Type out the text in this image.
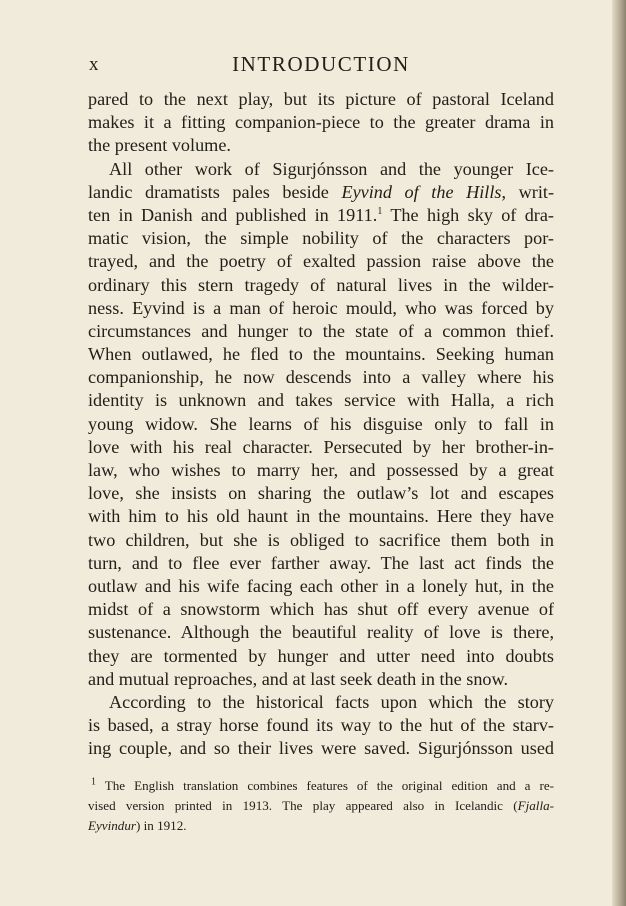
x	INTRODUCTION
pared to the next play, but its picture of pastoral Iceland
makes it a fitting companion-piece to the greater drama in
the present volume.
All other work of Sigurjónsson and the younger Ice-
landic dramatists pales beside Eyvind of the Hills, writ-
ten in Danish and published in 1911.$^1$ The high sky of dra-
matic vision, the simple nobility of the characters por-
trayed, and the poetry of exalted passion raise above the
ordinary this stern tragedy of natural lives in the wilder-
ness. Eyvind is a man of heroic mould, who was forced by
circumstances and hunger to the state of a common thief.
When outlawed, he fled to the mountains. Seeking human
companionship, he now descends into a valley where his
identity is unknown and takes service with Halla, a rich
young widow. She learns of his disguise only to fall in
love with his real character. Persecuted by her brother-in-
law, who wishes to marry her, and possessed by a great
love, she insists on sharing the outlaw’s lot and escapes
with him to his old haunt in the mountains. Here they have
two children, but she is obliged to sacrifice them both in
turn, and to flee ever farther away. The last act finds the
outlaw and his wife facing each other in a lonely hut, in the
midst of a snowstorm which has shut off every avenue of
sustenance. Although the beautiful reality of love is there,
they are tormented by hunger and utter need into doubts
and mutual reproaches, and at last seek death in the snow.
According to the historical facts upon which the story
is based, a stray horse found its way to the hut of the starv-
ing couple, and so their lives were saved. Sigurjónsson used
$^1$ The English translation combines features of the original edition and a re-
vised version printed in 1913. The play appeared also in Icelandic (Fjalla-
Eyvindur) in 1912.
